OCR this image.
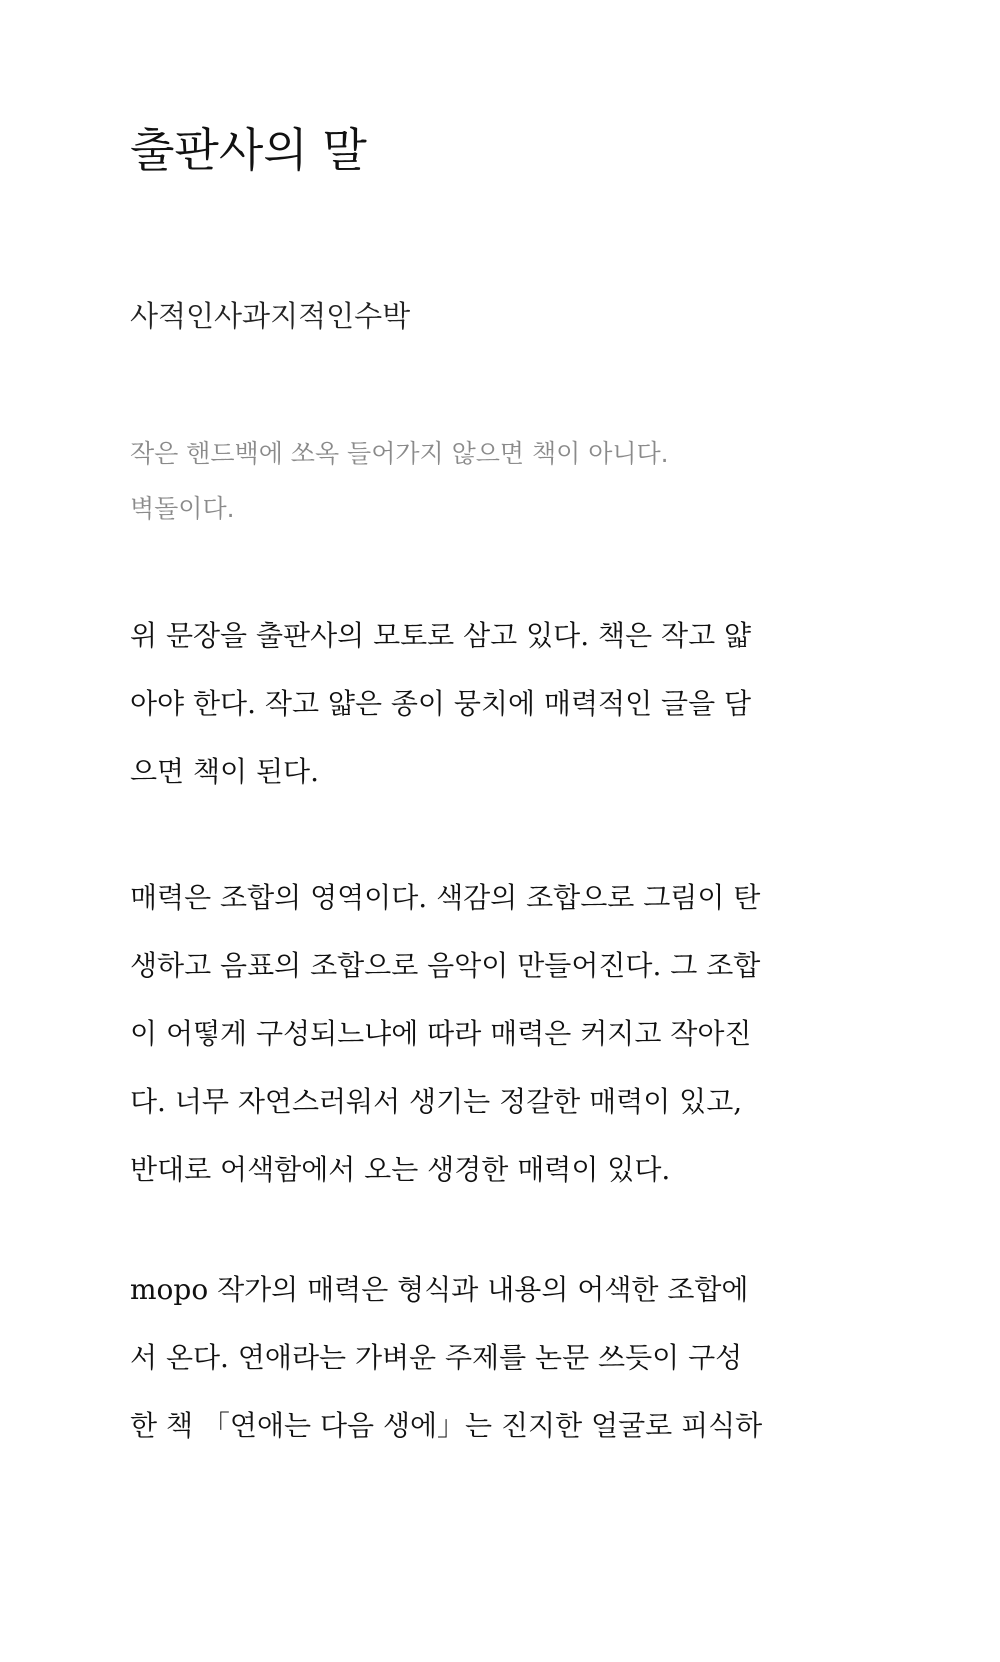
출판사의 말
사적인사과지적인수박
작은 핸드백에 쏘옥 들어가지 않으면 책이 아니다.
벽돌이다.
위 문장을 출판사의 모토로 삼고 있다. 책은 작고 얇
아야 한다. 작고 얇은 종이 뭉치에 매력적인 글을 담
으면 책이 된다.
매력은 조합의 영역이다. 색감의 조합으로 그림이 탄
생하고 음표의 조합으로 음악이 만들어진다. 그 조합
이 어떻게 구성되느냐에 따라 매력은 커지고 작아진
다. 너무 자연스러워서 생기는 정갈한 매력이 있고,
반대로 어색함에서 오는 생경한 매력이 있다.
mopo 작가의 매력은 형식과 내용의 어색한 조합에
서 온다. 연애라는 가벼운 주제를 논문 쓰듯이 구성
한 책 「연애는 다음 생에」는 진지한 얼굴로 피식하
